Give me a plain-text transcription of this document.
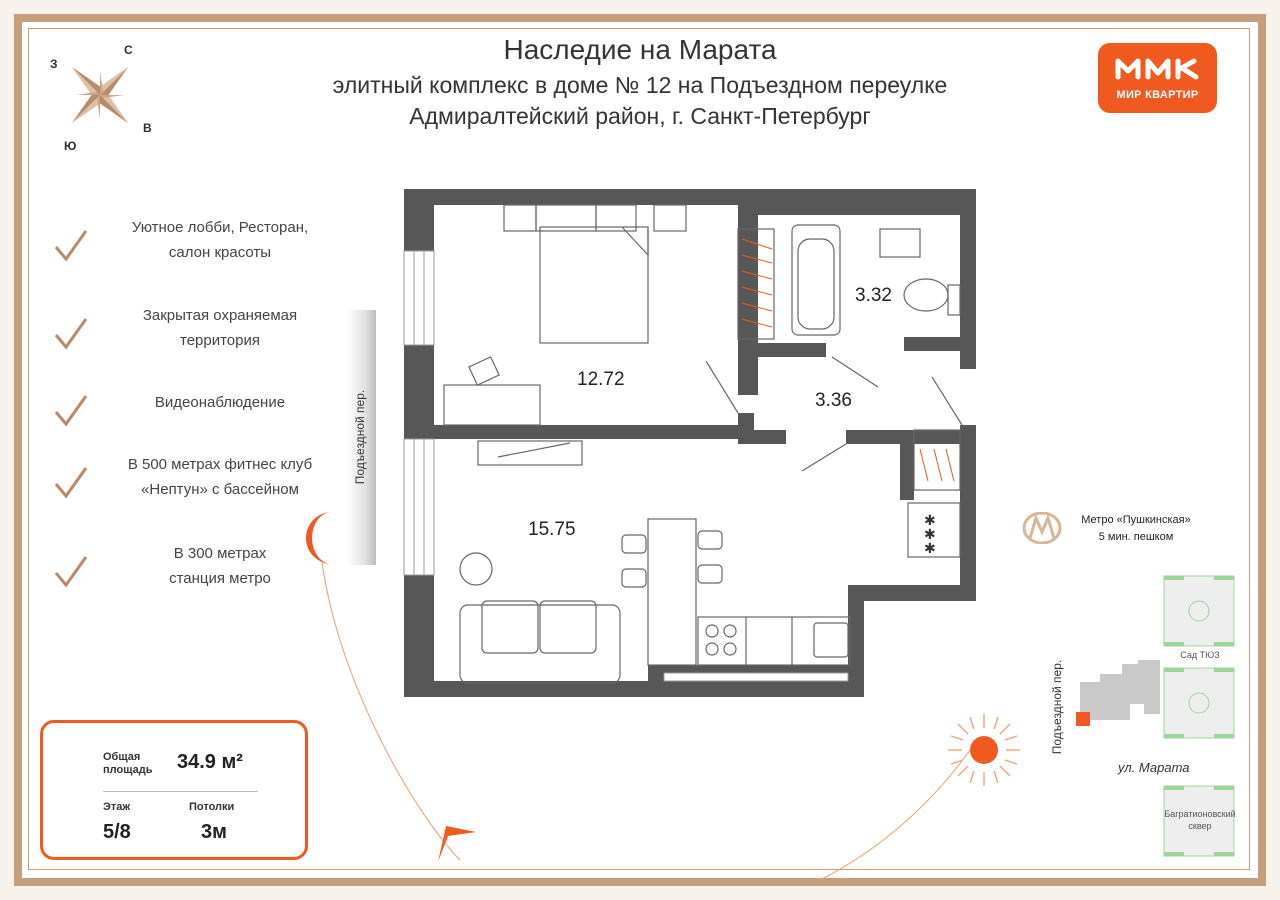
Наследие на Марата
элитный комплекс в доме № 12 на Подъездном переулке
Адмиралтейский район, г. Санкт-Петербург
МИР КВАРТИР
С
В
З
Ю
Уютное лобби, Ресторан,
салон красоты
Закрытая охраняемая
территория
Видеонаблюдение
В 500 метрах фитнес клуб
«Нептун» с бассейном
В 300 метрах
станция метро
Подъездной пер.
✱
✱
✱
12.72
3.32
3.36
15.75
Общая
площадь 34.9 м²
Этаж
5/8
Потолки
3м
Метро «Пушкинская»
5 мин. пешком
Подъездной пер.
Сад ТЮЗ
ул. Марата
Багратионовский
сквер
